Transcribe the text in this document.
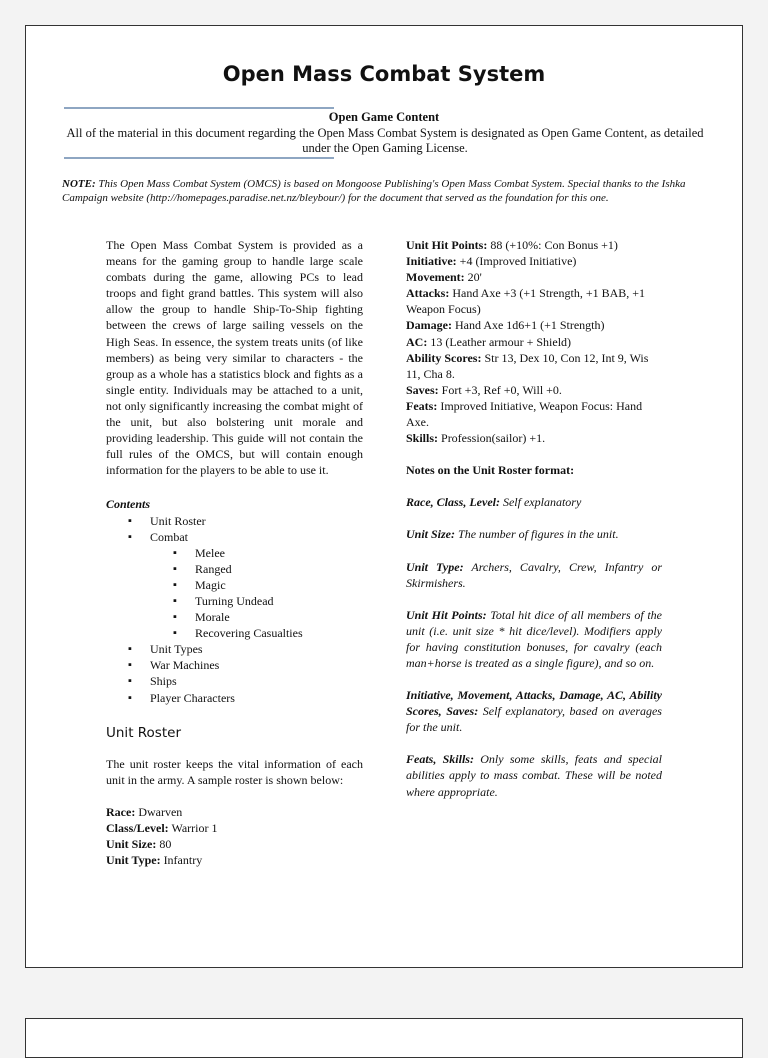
Open Mass Combat System
Open Game Content
All of the material in this document regarding the Open Mass Combat System is designated as Open Game Content, as detailed under the Open Gaming License.
NOTE: This Open Mass Combat System (OMCS) is based on Mongoose Publishing's Open Mass Combat System. Special thanks to the Ishka Campaign website (http://homepages.paradise.net.nz/bleybour/) for the document that served as the foundation for this one.

The Open Mass Combat System is provided as a means for the gaming group to handle large scale combats during the game, allowing PCs to lead troops and fight grand battles. This system will also allow the group to handle Ship-To-Ship fighting between the crews of large sailing vessels on the High Seas. In essence, the system treats units (of like members) as being very similar to characters - the group as a whole has a statistics block and fights as a single entity. Individuals may be attached to a unit, not only significantly increasing the combat might of the unit, but also bolstering unit morale and providing leadership. This guide will not contain the full rules of the OMCS, but will contain enough information for the players to be able to use it.

Contents

▪ Unit Roster
▪ Combat
▪ Melee
▪ Ranged
▪ Magic
▪ Turning Undead
▪ Morale
▪ Recovering Casualties
▪ Unit Types
▪ War Machines
▪ Ships
▪ Player Characters
Unit Roster

The unit roster keeps the vital information of each unit in the army. A sample roster is shown below:

Race: Dwarven
Class/Level: Warrior 1
Unit Size: 80
Unit Type: Infantry
Unit Hit Points: 88 (+10%: Con Bonus +1)
Initiative: +4 (Improved Initiative)
Movement: 20'
Attacks: Hand Axe +3 (+1 Strength, +1 BAB, +1 Weapon Focus)
Damage: Hand Axe 1d6+1 (+1 Strength)
AC: 13 (Leather armour + Shield)
Ability Scores: Str 13, Dex 10, Con 12, Int 9, Wis 11, Cha 8.
Saves: Fort +3, Ref +0, Will +0.
Feats: Improved Initiative, Weapon Focus: Hand Axe.
Skills: Profession(sailor) +1.

Notes on the Unit Roster format:

Race, Class, Level: Self explanatory

Unit Size: The number of figures in the unit.

Unit Type: Archers, Cavalry, Crew, Infantry or Skirmishers.

Unit Hit Points: Total hit dice of all members of the unit (i.e. unit size * hit dice/level). Modifiers apply for having constitution bonuses, for cavalry (each man+horse is treated as a single figure), and so on.

Initiative, Movement, Attacks, Damage, AC, Ability Scores, Saves: Self explanatory, based on averages for the unit.

Feats, Skills: Only some skills, feats and special abilities apply to mass combat. These will be noted where appropriate.
